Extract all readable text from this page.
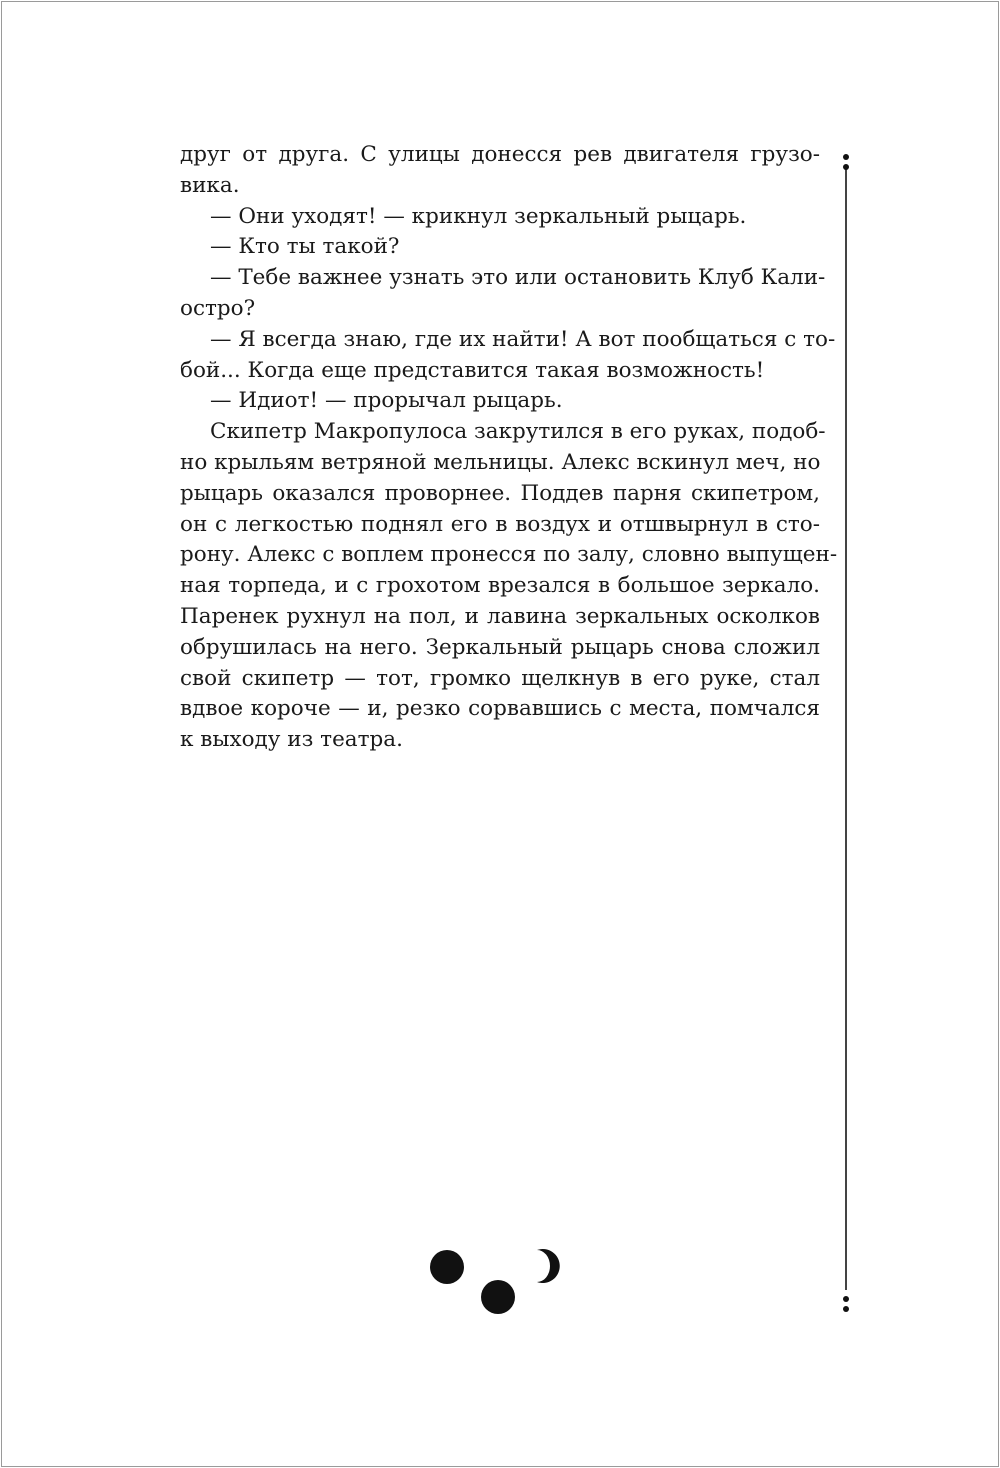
друг от друга. С улицы донесся рев двигателя грузо-
вика.
— Они уходят! — крикнул зеркальный рыцарь.
— Кто ты такой?
— Тебе важнее узнать это или остановить Клуб Кали-
остро?
— Я всегда знаю, где их найти! А вот пообщаться с то-
бой... Когда еще представится такая возможность!
— Идиот! — прорычал рыцарь.
Скипетр Макропулоса закрутился в его руках, подоб-
но крыльям ветряной мельницы. Алекс вскинул меч, но
рыцарь оказался проворнее. Поддев парня скипетром,
он с легкостью поднял его в воздух и отшвырнул в сто-
рону. Алекс с воплем пронесся по залу, словно выпущен-
ная торпеда, и с грохотом врезался в большое зеркало.
Паренек рухнул на пол, и лавина зеркальных осколков
обрушилась на него. Зеркальный рыцарь снова сложил
свой скипетр — тот, громко щелкнув в его руке, стал
вдвое короче — и, резко сорвавшись с места, помчался
к выходу из театра.
